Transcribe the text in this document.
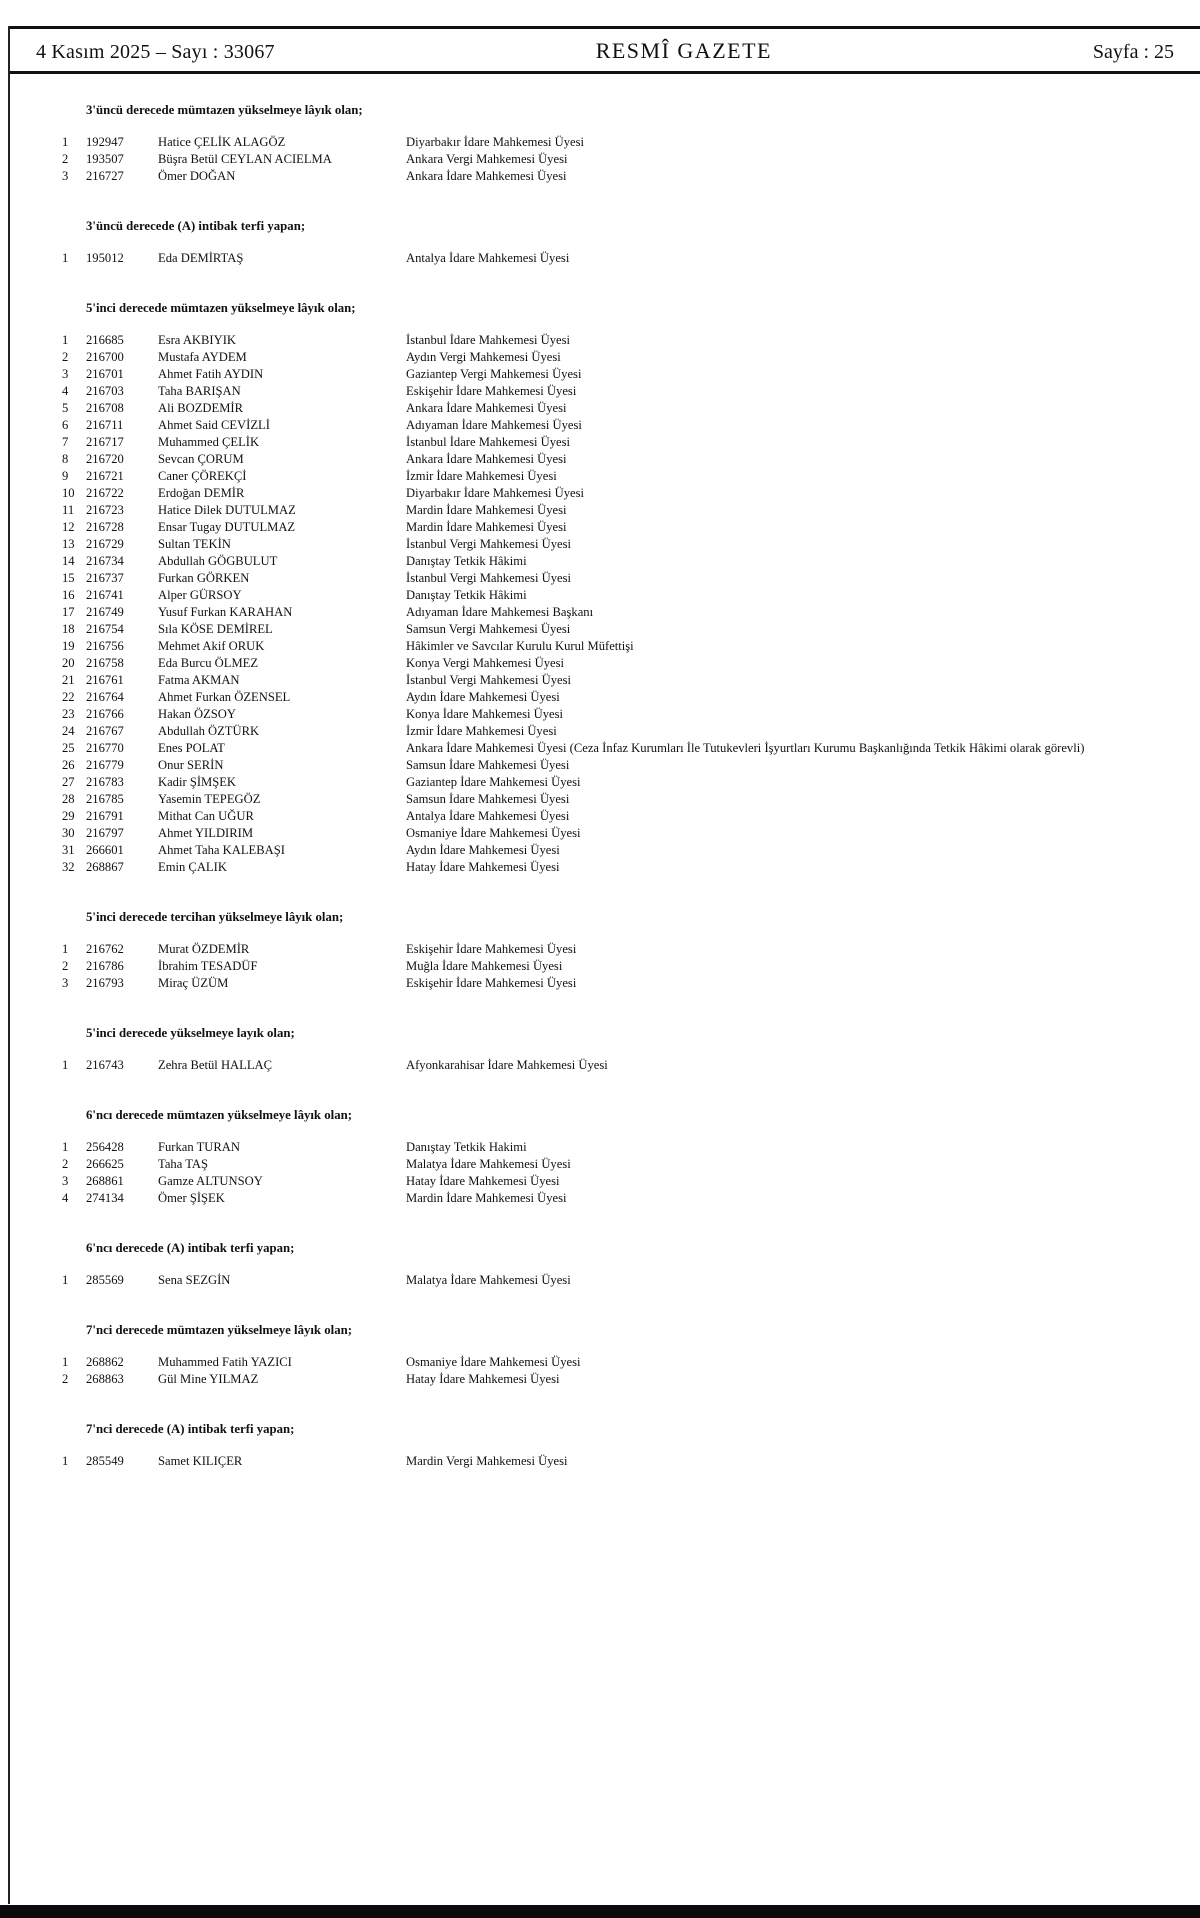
4 Kasım 2025 – Sayı : 33067	RESMÎ GAZETE	Sayfa : 25
3'üncü derecede mümtazen yükselmeye lâyık olan;
1	192947	Hatice ÇELİK ALAGÖZ	Diyarbakır İdare Mahkemesi Üyesi
2	193507	Büşra Betül CEYLAN ACIELMA	Ankara Vergi Mahkemesi Üyesi
3	216727	Ömer DOĞAN	Ankara İdare Mahkemesi Üyesi
3'üncü derecede (A) intibak terfi yapan;
1	195012	Eda DEMİRTAŞ	Antalya İdare Mahkemesi Üyesi
5'inci derecede mümtazen yükselmeye lâyık olan;
1	216685	Esra AKBIYIK	İstanbul İdare Mahkemesi Üyesi
2	216700	Mustafa AYDEM	Aydın Vergi Mahkemesi Üyesi
3	216701	Ahmet Fatih AYDIN	Gaziantep Vergi Mahkemesi Üyesi
4	216703	Taha BARIŞAN	Eskişehir İdare Mahkemesi Üyesi
5	216708	Ali BOZDEMİR	Ankara İdare Mahkemesi Üyesi
6	216711	Ahmet Said CEVİZLİ	Adıyaman İdare Mahkemesi Üyesi
7	216717	Muhammed ÇELİK	İstanbul İdare Mahkemesi Üyesi
8	216720	Sevcan ÇORUM	Ankara İdare Mahkemesi Üyesi
9	216721	Caner ÇÖREKÇİ	İzmir İdare Mahkemesi Üyesi
10 216722	Erdoğan DEMİR	Diyarbakır İdare Mahkemesi Üyesi
11 216723	Hatice Dilek DUTULMAZ	Mardin İdare Mahkemesi Üyesi
12 216728	Ensar Tugay DUTULMAZ	Mardin İdare Mahkemesi Üyesi
13 216729	Sultan TEKİN	İstanbul Vergi Mahkemesi Üyesi
14 216734	Abdullah GÖGBULUT	Danıştay Tetkik Hâkimi
15 216737	Furkan GÖRKEN	İstanbul Vergi Mahkemesi Üyesi
16 216741	Alper GÜRSOY	Danıştay Tetkik Hâkimi
17 216749	Yusuf Furkan KARAHAN	Adıyaman İdare Mahkemesi Başkanı
18 216754	Sıla KÖSE DEMİREL	Samsun Vergi Mahkemesi Üyesi
19 216756	Mehmet Akif ORUK	Hâkimler ve Savcılar Kurulu Kurul Müfettişi
20 216758	Eda Burcu ÖLMEZ	Konya Vergi Mahkemesi Üyesi
21 216761	Fatma AKMAN	İstanbul Vergi Mahkemesi Üyesi
22 216764	Ahmet Furkan ÖZENSEL	Aydın İdare Mahkemesi Üyesi
23 216766	Hakan ÖZSOY	Konya İdare Mahkemesi Üyesi
24 216767	Abdullah ÖZTÜRK	İzmir İdare Mahkemesi Üyesi
25 216770	Enes POLAT	Ankara İdare Mahkemesi Üyesi (Ceza İnfaz Kurumları İle Tutukevleri İşyurtları Kurumu Başkanlığında Tetkik Hâkimi olarak görevli)
26 216779	Onur SERİN	Samsun İdare Mahkemesi Üyesi
27 216783	Kadir ŞİMŞEK	Gaziantep İdare Mahkemesi Üyesi
28 216785	Yasemin TEPEGÖZ	Samsun İdare Mahkemesi Üyesi
29 216791	Mithat Can UĞUR	Antalya İdare Mahkemesi Üyesi
30 216797	Ahmet YILDIRIM	Osmaniye İdare Mahkemesi Üyesi
31 266601	Ahmet Taha KALEBAŞI	Aydın İdare Mahkemesi Üyesi
32 268867	Emin ÇALIK	Hatay İdare Mahkemesi Üyesi
5'inci derecede tercihan yükselmeye lâyık olan;
1	216762	Murat ÖZDEMİR	Eskişehir İdare Mahkemesi Üyesi
2	216786	İbrahim TESADÜF	Muğla İdare Mahkemesi Üyesi
3	216793	Miraç ÜZÜM	Eskişehir İdare Mahkemesi Üyesi
5'inci derecede yükselmeye layık olan;
1	216743	Zehra Betül HALLAÇ	Afyonkarahisar İdare Mahkemesi Üyesi
6'ncı derecede mümtazen yükselmeye lâyık olan;
1	256428	Furkan TURAN	Danıştay Tetkik Hakimi
2	266625	Taha TAŞ	Malatya İdare Mahkemesi Üyesi
3	268861	Gamze ALTUNSOY	Hatay İdare Mahkemesi Üyesi
4	274134	Ömer ŞİŞEK	Mardin İdare Mahkemesi Üyesi
6'ncı derecede (A) intibak terfi yapan;
1	285569	Sena SEZGİN	Malatya İdare Mahkemesi Üyesi
7'nci derecede mümtazen yükselmeye lâyık olan;
1	268862	Muhammed Fatih YAZICI	Osmaniye İdare Mahkemesi Üyesi
2	268863	Gül Mine YILMAZ	Hatay İdare Mahkemesi Üyesi
7'nci derecede (A) intibak terfi yapan;
1	285549	Samet KILIÇER	Mardin Vergi Mahkemesi Üyesi
